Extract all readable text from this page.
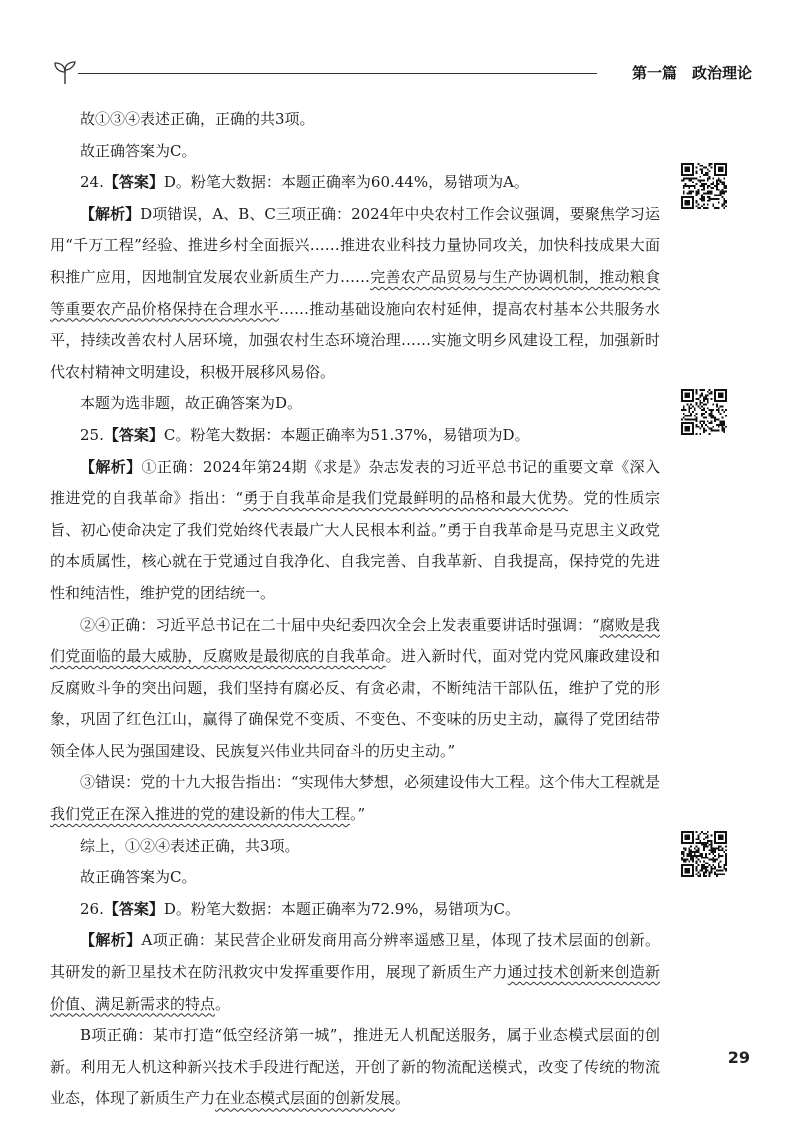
第一篇　政治理论

故①③④表述正确，正确的共3项。

故正确答案为C。

24.【答案】D。粉笔大数据：本题正确率为60.44%，易错项为A。

【解析】D项错误，A、B、C三项正确：2024年中央农村工作会议强调，要聚焦学习运用“千万工程”经验、推进乡村全面振兴……推进农业科技力量协同攻关，加快科技成果大面积推广应用，因地制宜发展农业新质生产力……完善农产品贸易与生产协调机制，推动粮食等重要农产品价格保持在合理水平……推动基础设施向农村延伸，提高农村基本公共服务水平，持续改善农村人居环境，加强农村生态环境治理……实施文明乡风建设工程，加强新时代农村精神文明建设，积极开展移风易俗。

本题为选非题，故正确答案为D。

25.【答案】C。粉笔大数据：本题正确率为51.37%，易错项为D。

【解析】①正确：2024年第24期《求是》杂志发表的习近平总书记的重要文章《深入推进党的自我革命》指出：“勇于自我革命是我们党最鲜明的品格和最大优势。党的性质宗旨、初心使命决定了我们党始终代表最广大人民根本利益。”勇于自我革命是马克思主义政党的本质属性，核心就在于党通过自我净化、自我完善、自我革新、自我提高，保持党的先进性和纯洁性，维护党的团结统一。

②④正确：习近平总书记在二十届中央纪委四次全会上发表重要讲话时强调：“腐败是我们党面临的最大威胁，反腐败是最彻底的自我革命。进入新时代，面对党内党风廉政建设和反腐败斗争的突出问题，我们坚持有腐必反、有贪必肃，不断纯洁干部队伍，维护了党的形象，巩固了红色江山，赢得了确保党不变质、不变色、不变味的历史主动，赢得了党团结带领全体人民为强国建设、民族复兴伟业共同奋斗的历史主动。”

③错误：党的十九大报告指出：“实现伟大梦想，必须建设伟大工程。这个伟大工程就是我们党正在深入推进的党的建设新的伟大工程。”

综上，①②④表述正确，共3项。

故正确答案为C。

26.【答案】D。粉笔大数据：本题正确率为72.9%，易错项为C。

【解析】A项正确：某民营企业研发商用高分辨率遥感卫星，体现了技术层面的创新。其研发的新卫星技术在防汛救灾中发挥重要作用，展现了新质生产力通过技术创新来创造新价值、满足新需求的特点。

B项正确：某市打造“低空经济第一城”，推进无人机配送服务，属于业态模式层面的创新。利用无人机这种新兴技术手段进行配送，开创了新的物流配送模式，改变了传统的物流业态，体现了新质生产力在业态模式层面的创新发展。

29
